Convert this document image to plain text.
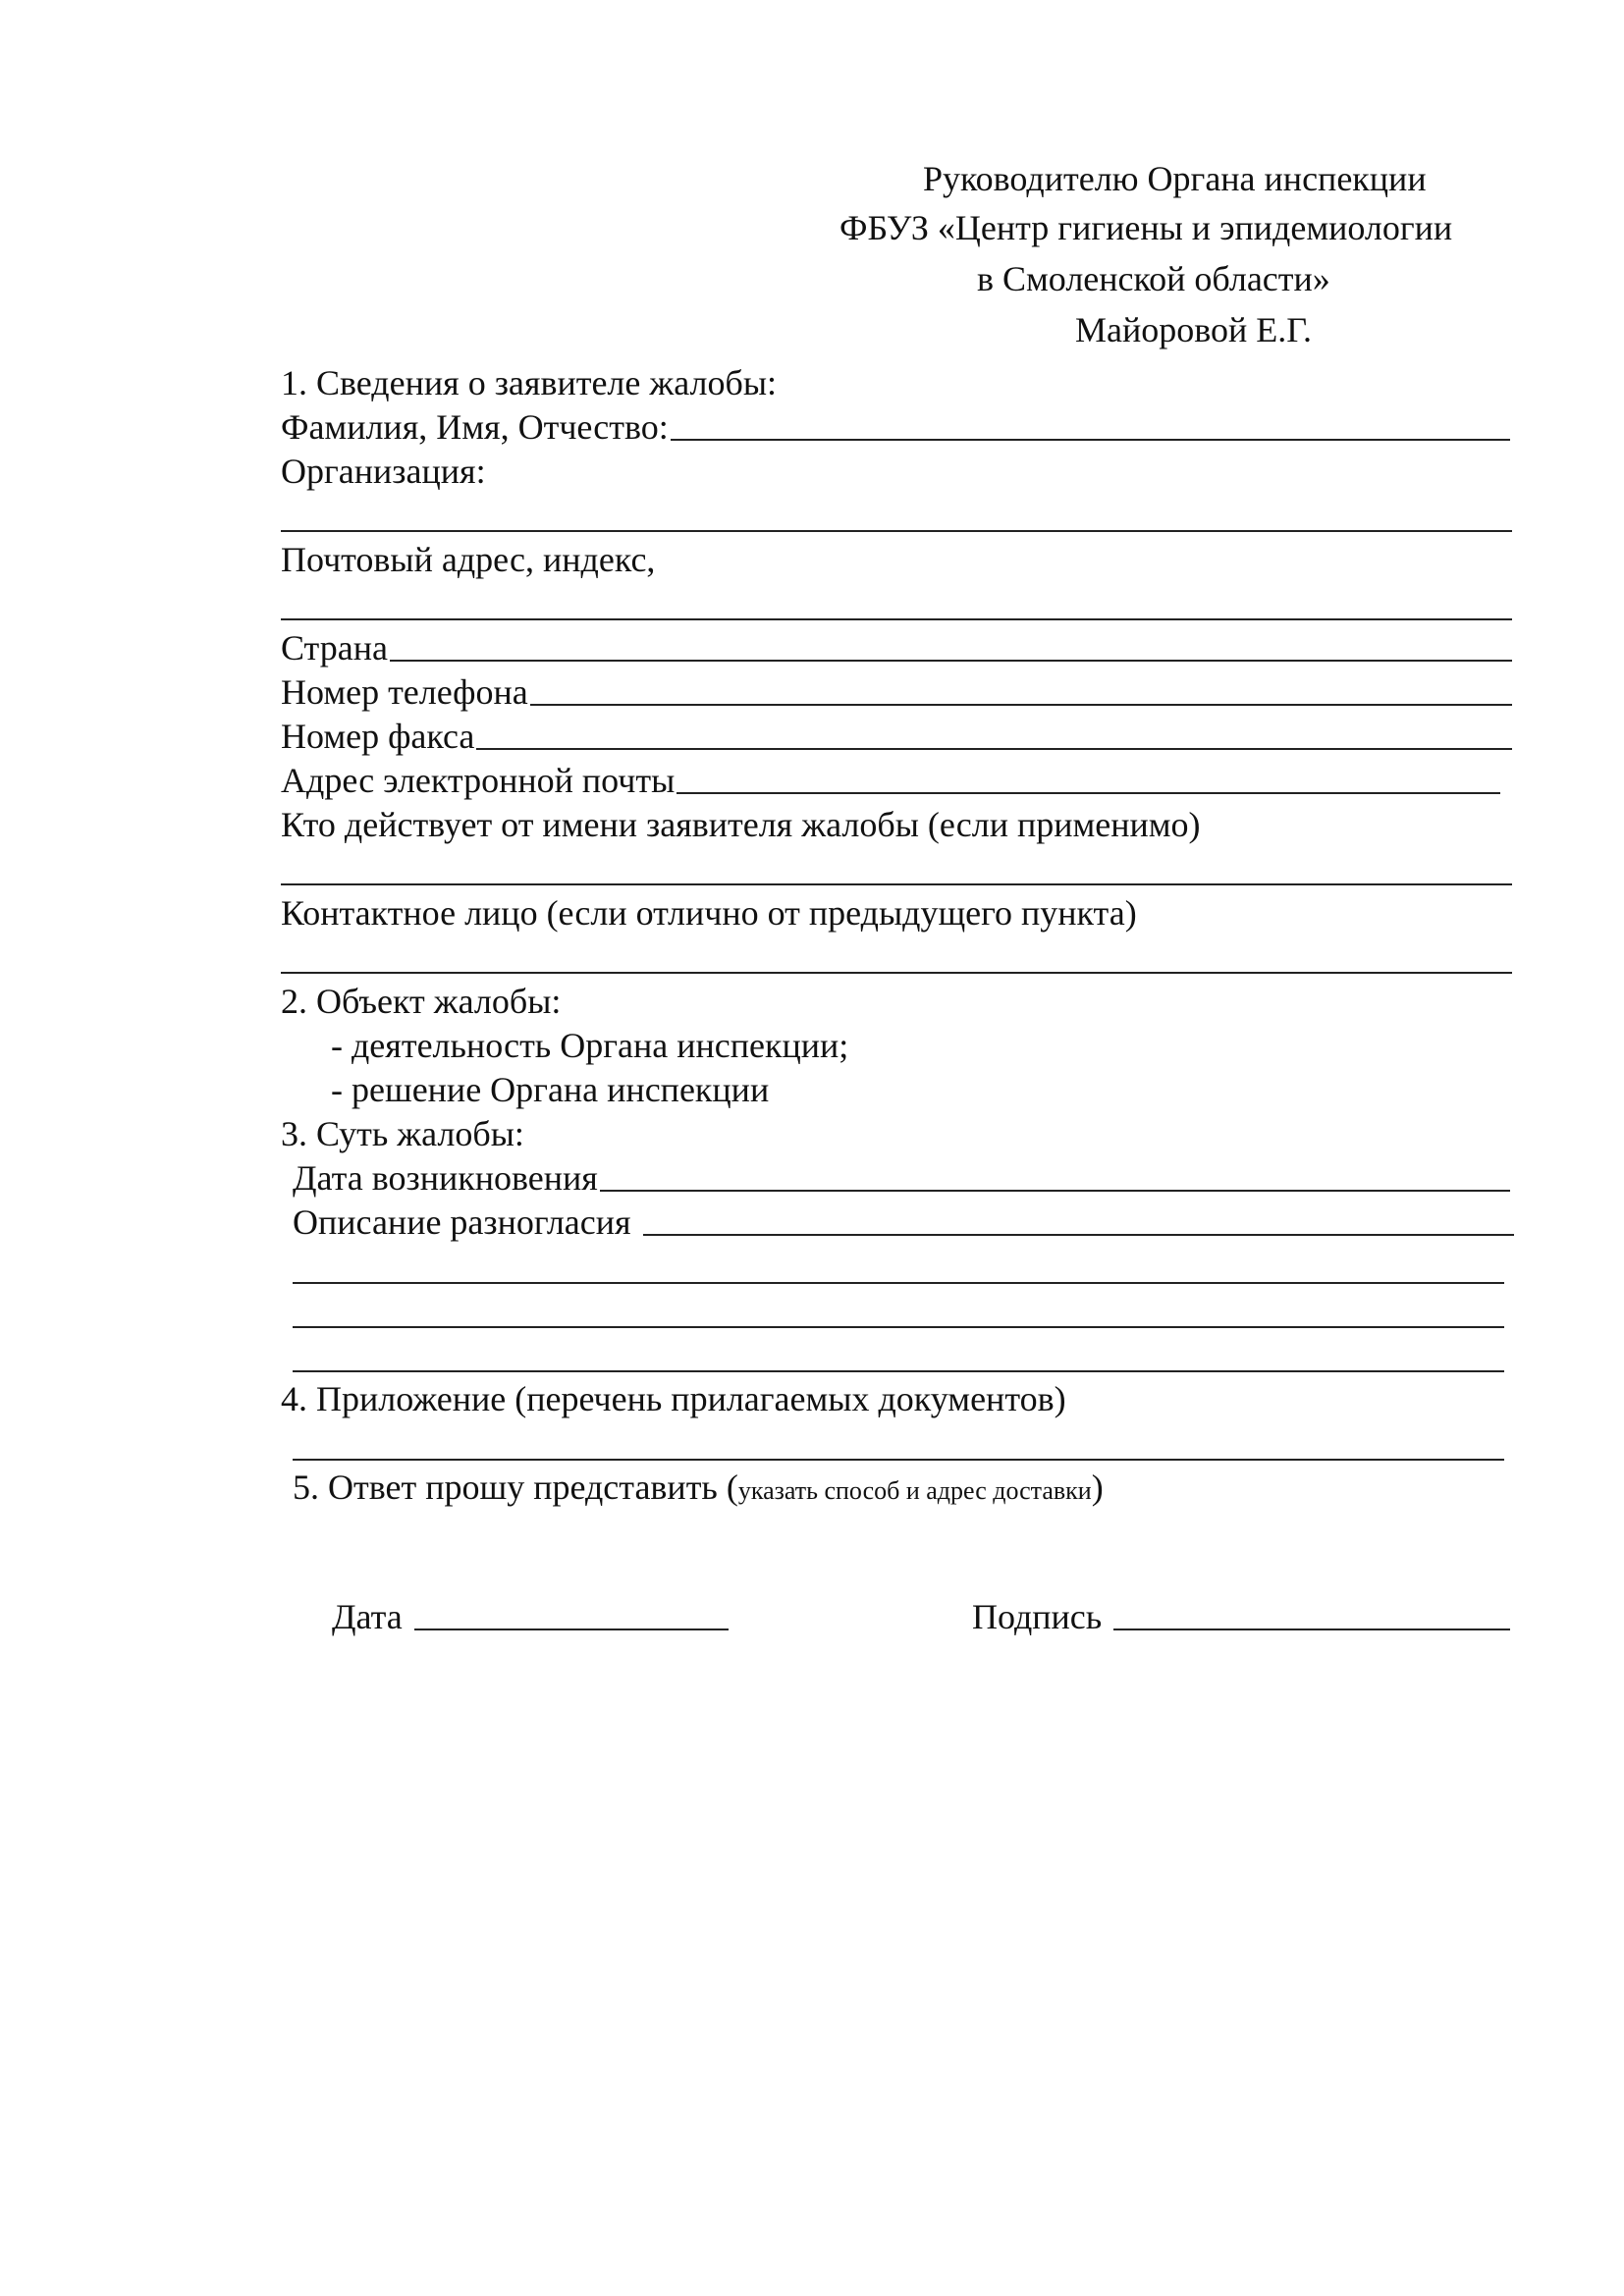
Руководителю Органа инспекции
ФБУЗ «Центр гигиены и эпидемиологии
в Смоленской области»
Майоровой Е.Г.
1. Сведения о заявителе жалобы:
Фамилия, Имя, Отчество:
Организация:
Почтовый адрес, индекс,
Страна
Номер телефона
Номер факса
Адрес электронной почты
Кто действует от имени заявителя жалобы (если применимо)
Контактное лицо (если отлично от предыдущего пункта)
2. Объект жалобы:
- деятельность Органа инспекции;
- решение Органа инспекции
3. Суть жалобы:
Дата возникновения
Описание разногласия
4. Приложение (перечень прилагаемых документов)
5. Ответ прошу представить (указать способ и адрес доставки)
Дата	Подпись
